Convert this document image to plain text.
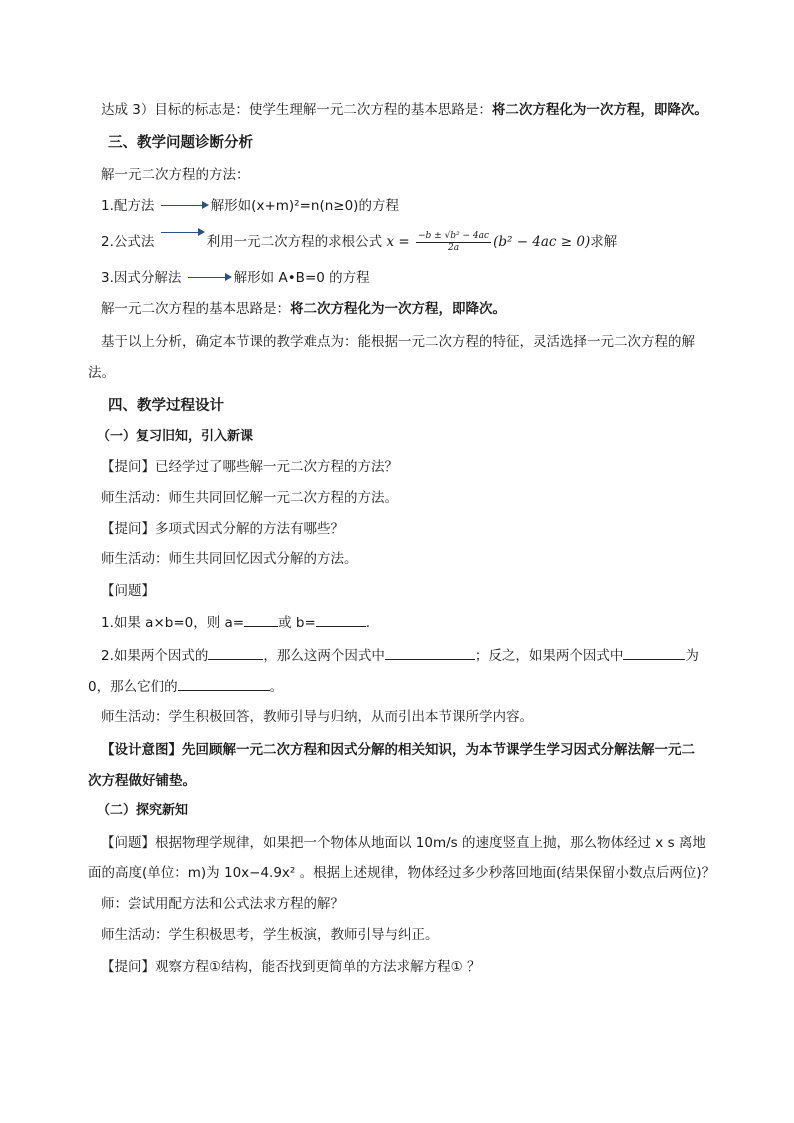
达成 3）目标的标志是：使学生理解一元二次方程的基本思路是：将二次方程化为一次方程，即降次。
三、教学问题诊断分析
解一元二次方程的方法：
1.配方法	解形如(x+m)²=n(n≥0)的方程
2.公式法	利用一元二次方程的求根公式 $x = \frac{\text{−b ± √b² − 4ac}}{2a} (b^2 - 4ac \ge 0)$求解
3.因式分解法	解形如 A•B=0 的方程
解一元二次方程的基本思路是：将二次方程化为一次方程，即降次。
基于以上分析，确定本节课的教学难点为：能根据一元二次方程的特征，灵活选择一元二次方程的解
法。
四、教学过程设计
（一）复习旧知，引入新课
【提问】已经学过了哪些解一元二次方程的方法？
师生活动：师生共同回忆解一元二次方程的方法。
【提问】多项式因式分解的方法有哪些？
师生活动：师生共同回忆因式分解的方法。
【问题】
1.如果 a×b=0，则 a=	或 b=	.
2.如果两个因式的	，那么这两个因式中	；反之，如果两个因式中	为
0，那么它们的	。
师生活动：学生积极回答，教师引导与归纳，从而引出本节课所学内容。
【设计意图】先回顾解一元二次方程和因式分解的相关知识，为本节课学生学习因式分解法解一元二
次方程做好铺垫。
（二）探究新知
【问题】根据物理学规律，如果把一个物体从地面以 10m/s 的速度竖直上抛，那么物体经过 x s 离地
面的高度(单位：m)为 10x−4.9x² 。根据上述规律，物体经过多少秒落回地面(结果保留小数点后两位)？
师：尝试用配方法和公式法求方程的解？
师生活动：学生积极思考，学生板演，教师引导与纠正。
【提问】观察方程①结构，能否找到更简单的方法求解方程① ？
